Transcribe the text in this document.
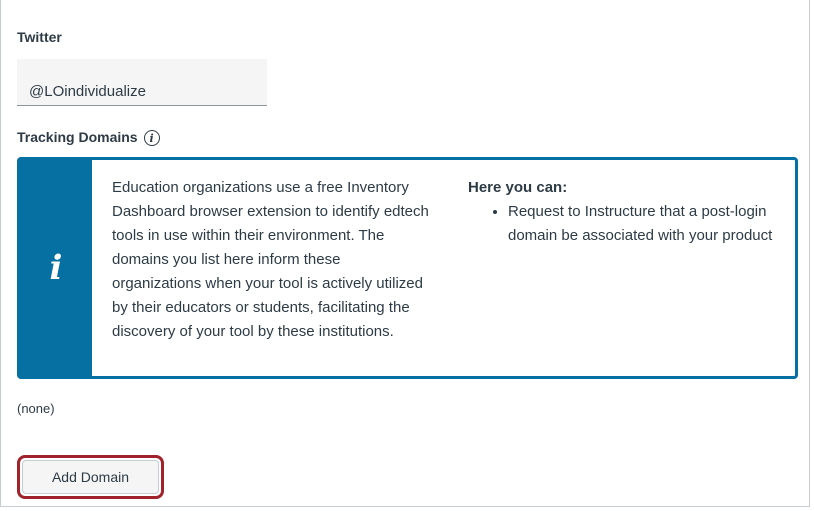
Twitter
@LOindividualize
Tracking Domains	i
i
Education organizations use a free Inventory Dashboard browser extension to identify edtech tools in use within their environment. The domains you list here inform these organizations when your tool is actively utilized by their educators or students, facilitating the discovery of your tool by these institutions.
Here you can:
• Request to Instructure that a post-login domain be associated with your product
(none)
Add Domain
